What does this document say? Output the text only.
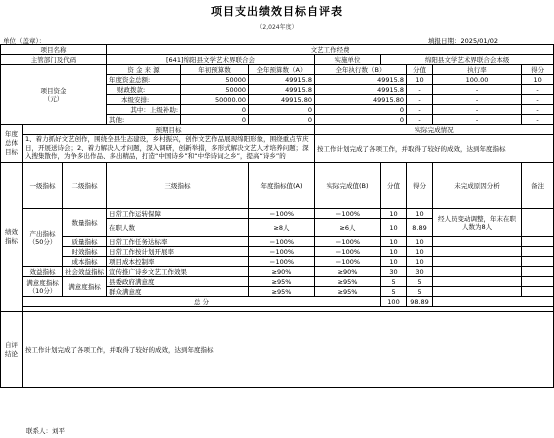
项目支出绩效目标自评表
（2,024年度）
单位（盖章）：	填报日期：2025/01/02
项目名称			文艺工作经费							
主管部门及代码			[641]绵阳县文学艺术界联合会			实施单位	绵阳县文学艺术界联合会本级			
项目资金
（元）			资 金 来 源	年初预算数	全年预算数（A）	全年执行数（B）		分值	执行率	得分
			年度资金总额:	50000	49915.8	49915.8		10	100.00	10
			财政拨款:	50000	49915.8	49915.8		-	-	-
			本级安排:	50000.00	49915.80	49915.80		-	-	-
			其中：上级补助:	0	0	0		-	-	-
			其他:	0	0	0		-	-	-
年度总体目标	预期目标					实际完成情况				
	1、着力抓好文艺创作，围绕全县生态建设，乡村振兴，创作文艺作品展现绵阳形象，围绕重点节庆日，开展送诗会；2、着力解决人才问题，深入调研，创新举措，多形式解决文艺人才培养问题；深入搜集散作，为争多出作品、多出精品，打造“中国诗乡”和“中华诗词之乡”，提高“诗乡”的					按工作计划完成了各项工作，并取得了较好的成效，达到年度指标				
绩效指标	一级指标	二级指标	三级指标		年度指标值(A)	实际完成值(B)	分值	得分	未完成原因分析	备注
	产出指标
（50分）	数量指标	日常工作运转保障		＝100%	＝100%	10	10	经人员变动调整，年末在职人数为8人	
			在职人数		≥8人	≥6人	10	8.89		
		质量指标	日常工作任务达标率		＝100%	＝100%	10	10		
		时效指标	日常工作按计划开展率		＝100%	＝100%	10	10		
		成本指标	项目成本控制率		＝100%	＝100%	10	10		
	效益指标	社会效益指标	宣传推广诗乡文艺工作效果		≥90%	≥90%	30	30		
	满意度指标
（10分）	满意度指标	县委政府满意度		≥95%	≥95%	5	5		
			群众满意度		≥95%	≥95%	5	5		
	总 分						100	98.89		

自评结论	按工作计划完成了各项工作，并取得了较好的成效，达到年度指标									
联系人：刘平
